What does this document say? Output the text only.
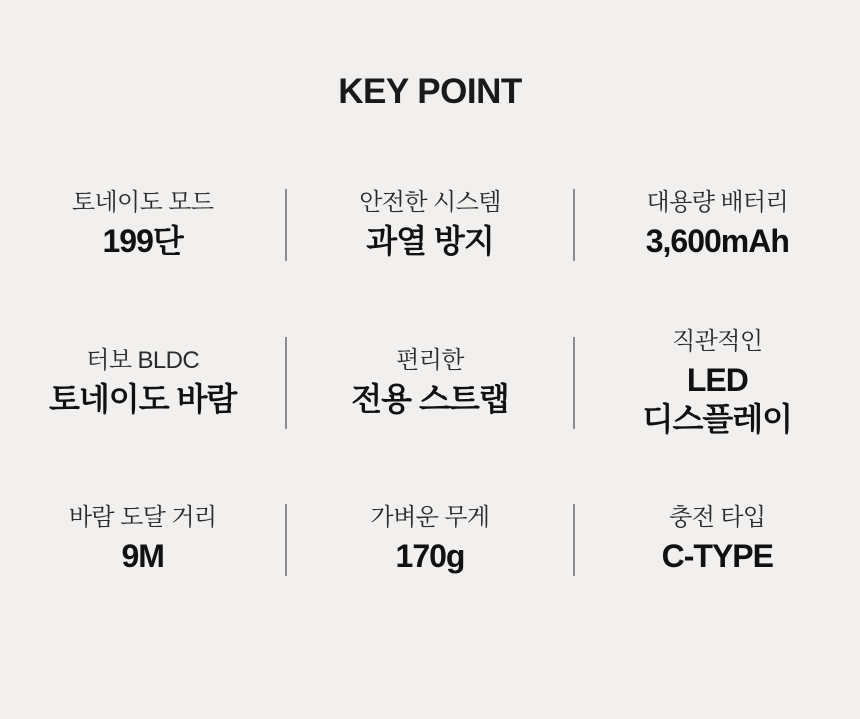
KEY POINT
토네이도 모드
199단
안전한 시스템
과열 방지
대용량 배터리
3,600mAh
터보 BLDC
토네이도 바람
편리한
전용 스트랩
직관적인
LED
디스플레이
바람 도달 거리
9M
가벼운 무게
170g
충전 타입
C-TYPE
